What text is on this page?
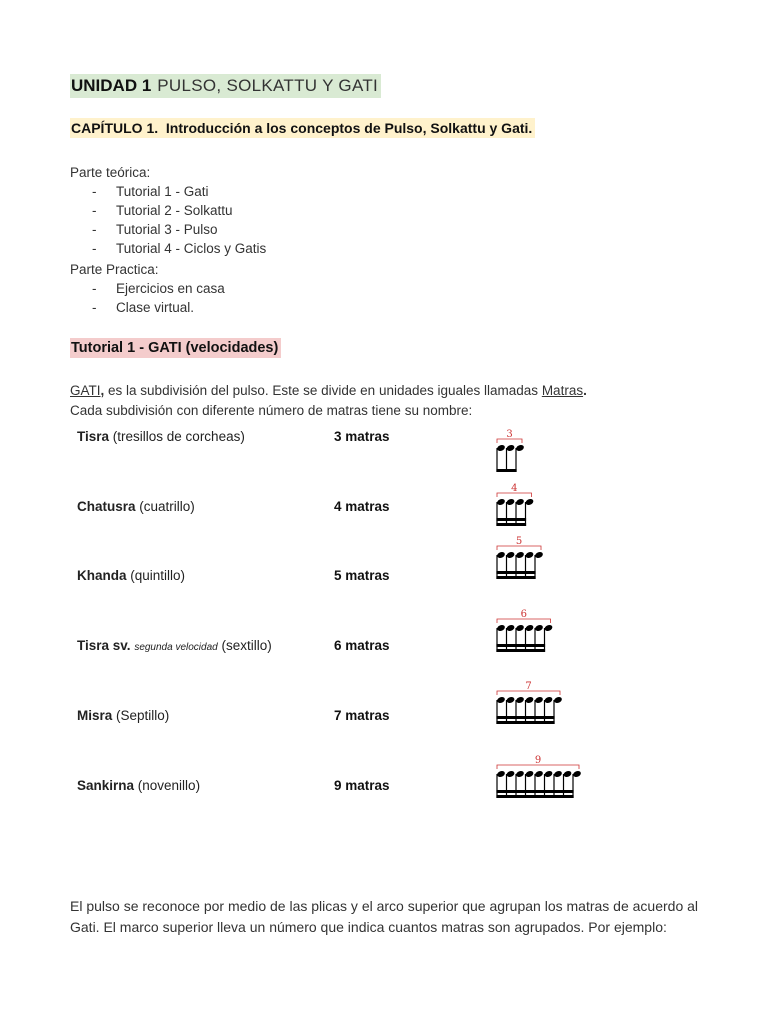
UNIDAD 1 PULSO, SOLKATTU Y GATI
CAPÍTULO 1. Introducción a los conceptos de Pulso, Solkattu y Gati.
Parte teórica:
- Tutorial 1 - Gati
- Tutorial 2 - Solkattu
- Tutorial 3 - Pulso
- Tutorial 4 - Ciclos y Gatis
Parte Practica:
- Ejercicios en casa
- Clase virtual.
Tutorial 1 - GATI (velocidades)
GATI, es la subdivisión del pulso. Este se divide en unidades iguales llamadas Matras.
Cada subdivisión con diferente número de matras tiene su nombre:
Tisra (tresillos de corcheas)	3 matras	3
Chatusra (cuatrillo)	4 matras
4
Khanda (quintillo)	5 matras
5
Tisra sv. segunda velocidad (sextillo)	6 matras
6
Misra (Septillo)	7 matras
7
Sankirna (novenillo)	9 matras
9
El pulso se reconoce por medio de las plicas y el arco superior que agrupan los matras de acuerdo al Gati. El marco superior lleva un número que indica cuantos matras son agrupados. Por ejemplo:
